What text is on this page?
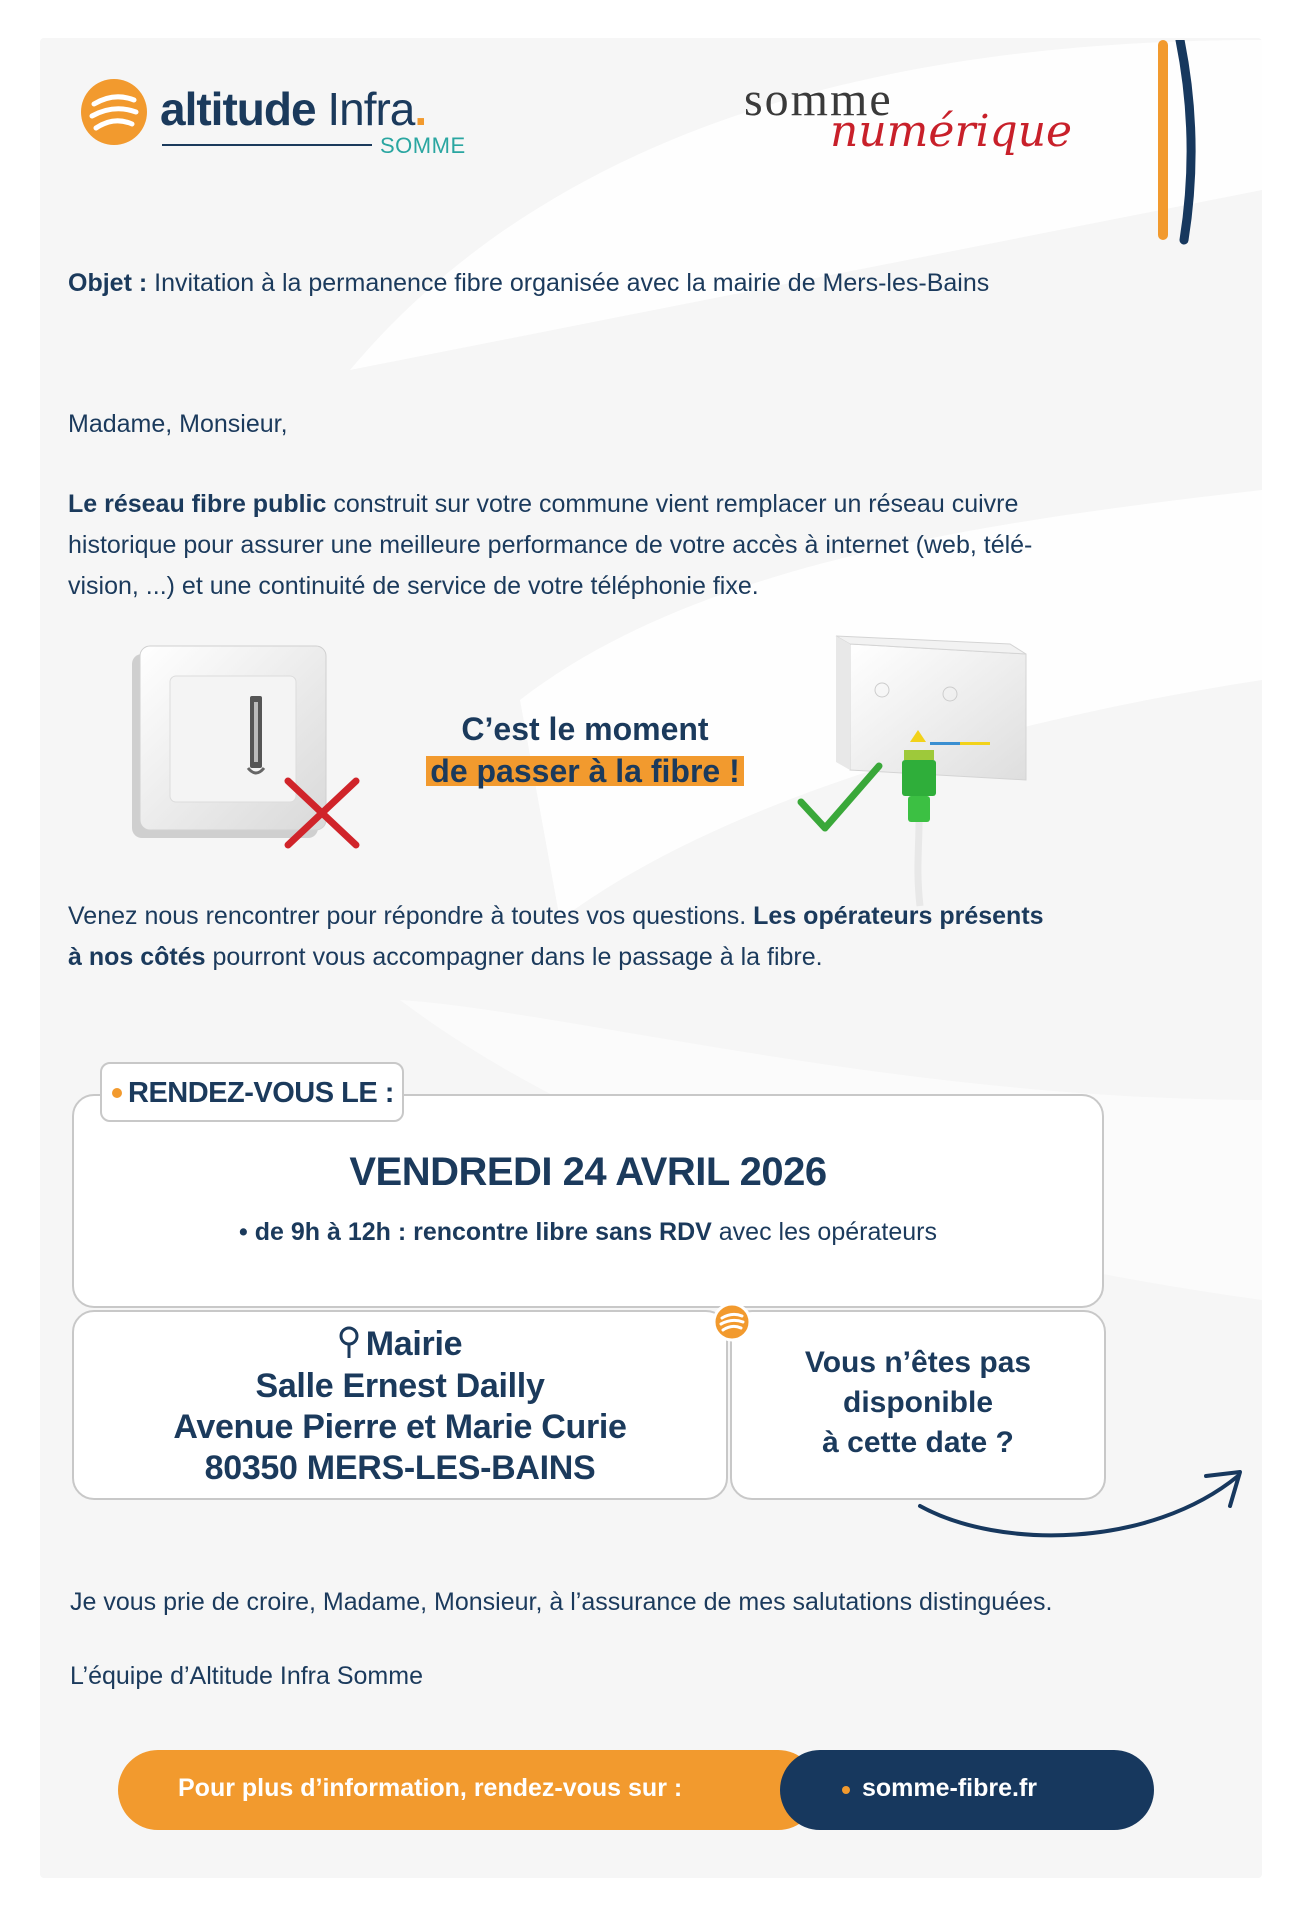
altitude Infra.
SOMME
somme
numérique
Objet : Invitation à la permanence fibre organisée avec la mairie de Mers-les-Bains
Madame, Monsieur,
Le réseau fibre public construit sur votre commune vient remplacer un réseau cuivre
historique pour assurer une meilleure performance de votre accès à internet (web, télé-
vision, ...) et une continuité de service de votre téléphonie fixe.
C’est le moment
de passer à la fibre !
Venez nous rencontrer pour répondre à toutes vos questions. Les opérateurs présents
à nos côtés pourront vous accompagner dans le passage à la fibre.
RENDEZ-VOUS LE :
VENDREDI 24 AVRIL 2026
• de 9h à 12h : rencontre libre sans RDV avec les opérateurs
Mairie
Salle Ernest Dailly
Avenue Pierre et Marie Curie
80350 MERS-LES-BAINS
Vous n’êtes pas
disponible
à cette date ?
Je vous prie de croire, Madame, Monsieur, à l’assurance de mes salutations distinguées.
L’équipe d’Altitude Infra Somme
Pour plus d’information, rendez-vous sur :	somme-fibre.fr
